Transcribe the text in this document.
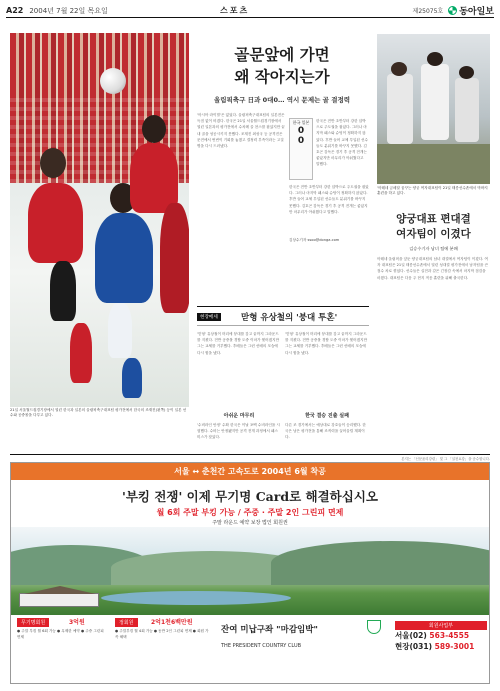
A22 2004년 7월 22일 목요일	스포츠	제25075호 동아일보
21일 서울월드컵경기장에서 열린 한국과 일본의 올림픽축구대표팀 평가전에서 한국의 조재진(왼쪽) 등이 일본 선수와 공중볼을 다투고 있다.
골문앞에 가면
왜 작아지는가
올림픽축구 日과 0대0… 역시 문제는 골 결정력
'아시아 라이벌'은 없었다. 올림픽축구대표팀의 일본전은 득점 없이 비겼다. 한국은 21일 서울월드컵경기장에서 열린 일본과의 평가전에서 수차례 골 찬스를 잡았지만 끝내 골을 성공시키지 못했다. 조재진 최성국 등 공격진은 문전에서 번번이 기회를 놓쳤고 결정력 부족이라는 고질병을 다시 드러냈다.
한국 일본
0
0
한국은 전반 초반부터 강한 압박으로 주도권을 잡았다. 그러나 마지막 패스와 슈팅이 정확하지 않았다. 후반 들어 교체 투입된 선수들도 분위기를 바꾸지 못했다. 김호곤 감독은 경기 후 공격 전개는 좋았지만 마무리가 아쉬웠다고 말했다.
한국은 전반 초반부터 강한 압박으로 주도권을 잡았다. 그러나 마지막 패스와 슈팅이 정확하지 않았다. 후반 들어 교체 투입된 선수들도 분위기를 바꾸지 못했다. 김호곤 감독은 경기 후 공격 전개는 좋았지만 마무리가 아쉬웠다고 말했다.
김상수기자 ssoo@donga.com
현장메세	맏형 유상철의 '붕대 투혼'
'맏형' 유상철이 머리에 붕대를 감고 끝까지 그라운드를 지켰다. 전반 공중볼 경합 도중 이마가 찢어졌지만 그는 교체를 거부했다. 후배들은 그런 선배의 모습에 다시 힘을 냈다.
'맏형' 유상철이 머리에 붕대를 감고 끝까지 그라운드를 지켰다. 전반 공중볼 경합 도중 이마가 찢어졌지만 그는 교체를 거부했다. 후배들은 그런 선배의 모습에 다시 힘을 냈다.
아쉬운 마무리
'수비라인 안정' 수확 한국은 이날 포백 수비라인을 시험했다. 수비는 안정됐지만 공격 전개 과정에서 패스 미스가 잦았다.
한국 결승 진출 실패
다른 조 경기에서는 예상대로 강호들이 승리했다. 한국은 남은 평가전을 통해 조직력을 끌어올릴 계획이다.
'아테네 금메달 꿈꾸는 양궁 여자대표팀이 21일 태릉선수촌에서 막바지 훈련을 하고 있다.
양궁대표 편대결
여자팀이 이겼다
김승수기자 남녀 팀에 분패
아테네 올림픽을 앞둔 양궁대표팀의 남녀 대결에서 여자팀이 이겼다. 여자 대표팀은 21일 태릉선수촌에서 열린 성대결 평가전에서 남자팀을 큰 점수 차로 꺾었다. 선수들은 실전과 같은 긴장감 속에서 마지막 점검을 마쳤다. 대표팀은 다음 주 현지 적응 훈련을 위해 출국한다.
본지는 「신문윤리강령」 및 그 「실천요강」을 준수합니다.
서울 ↔ 춘천간 고속도로 2004년 6월 착공
'부킹 전쟁' 이제 무기명 Card로 해결하십시오
월 6회 주말 부킹 가능 / 주중 · 주말 2인 그린피 면제
주말 라운드 예약 보장 법인 회원권
무기명회원	3억원
● 주말 부킹 월 6회 가능 ● 무제한 예약 ● 주중 그린피 면제
정회원	2억1천6백만원
● 주말부킹 월 4회 가능 ● 동반 2인 그린피 면제 ● 회원 가족 혜택
잔여 미납구좌 "마감임박"
THE PRESIDENT COUNTRY CLUB
회원사업부
서울(02) 563-4555
현장(031) 589-3001
